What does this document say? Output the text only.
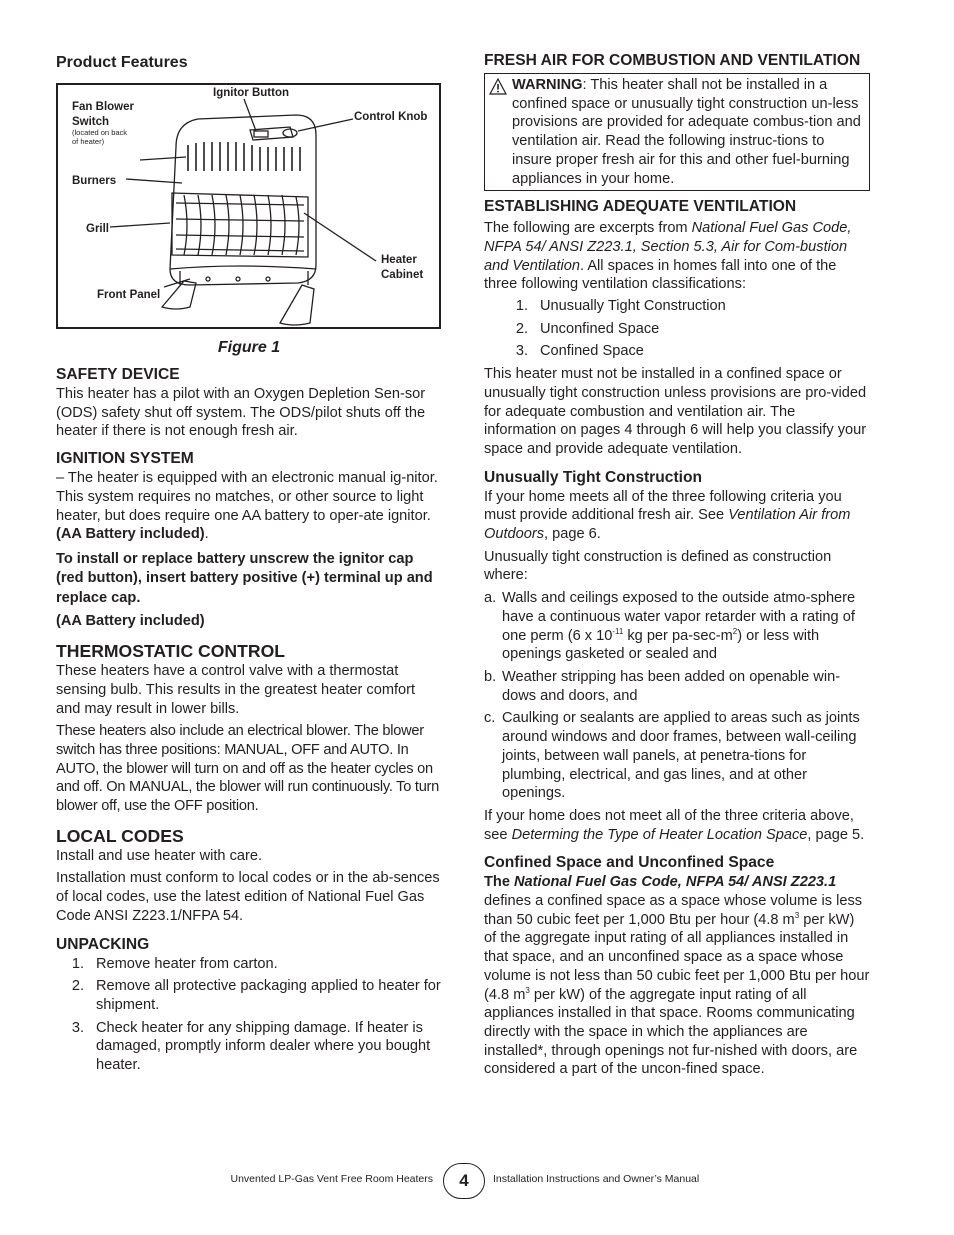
Product Features
Fan Blower
Switch
(located on back
of heater)
Ignitor Button
Control Knob
Burners
Grill
Heater
Cabinet
Front Panel
Figure 1
SAFETY DEVICE

This heater has a pilot with an Oxygen Depletion Sen-sor (ODS) safety shut off system. The ODS/pilot shuts off the heater if there is not enough fresh air.

IGNITION SYSTEM

– The heater is equipped with an electronic manual ig-nitor. This system requires no matches, or other source to light heater, but does require one AA battery to oper-ate ignitor. (AA Battery included).

To install or replace battery unscrew the ignitor cap (red button), insert battery positive (+) terminal up and replace cap.

(AA Battery included)

THERMOSTATIC CONTROL

These heaters have a control valve with a thermostat sensing bulb. This results in the greatest heater comfort and may result in lower bills.

These heaters also include an electrical blower. The blower switch has three positions: MANUAL, OFF and AUTO. In AUTO, the blower will turn on and off as the heater cycles on and off. On MANUAL, the blower will run continuously. To turn blower off, use the OFF position.

LOCAL CODES

Install and use heater with care.

Installation must conform to local codes or in the ab-sences of local codes, use the latest edition of National Fuel Gas Code ANSI Z223.1/NFPA 54.

UNPACKING
1. Remove heater from carton.
2. Remove all protective packaging applied to heater for shipment.
3. Check heater for any shipping damage. If heater is damaged, promptly inform dealer where you bought heater.
FRESH AIR FOR COMBUSTION AND VENTILATION

WARNING: This heater shall not be installed in a confined space or unusually tight construction un-less provisions are provided for adequate combus-tion and ventilation air. Read the following instruc-tions to insure proper fresh air for this and other fuel-burning appliances in your home.

ESTABLISHING ADEQUATE VENTILATION

The following are excerpts from National Fuel Gas Code, NFPA 54/ ANSI Z223.1, Section 5.3, Air for Com-bustion and Ventilation. All spaces in homes fall into one of the three following ventilation classifications:

1. Unusually Tight Construction
2. Unconfined Space
3. Confined Space

This heater must not be installed in a confined space or unusually tight construction unless provisions are pro-vided for adequate combustion and ventilation air. The information on pages 4 through 6 will help you classify your space and provide adequate ventilation.

Unusually Tight Construction

If your home meets all of the three following criteria you must provide additional fresh air. See Ventilation Air from Outdoors, page 6.

Unusually tight construction is defined as construction where:

a. Walls and ceilings exposed to the outside atmo-sphere have a continuous water vapor retarder with a rating of one perm (6 x $10^{-11}$ kg per $pa-\sec-m^2$) or less with openings gasketed or sealed and
b. Weather stripping has been added on openable win-dows and doors, and
c. Caulking or sealants are applied to areas such as joints around windows and door frames, between wall-ceiling joints, between wall panels, at penetra-tions for plumbing, electrical, and gas lines, and at other openings.

If your home does not meet all of the three criteria above, see Determing the Type of Heater Location Space, page 5.

Confined Space and Unconfined Space

The National Fuel Gas Code, NFPA 54/ ANSI Z223.1 defines a confined space as a space whose volume is less than 50 cubic feet per 1,000 Btu per hour (4.8 $m^3$ per kW) of the aggregate input rating of all appliances installed in that space, and an unconfined space as a space whose volume is not less than 50 cubic feet per 1,000 Btu per hour (4.8 $m^3$ per kW) of the aggregate input rating of all appliances installed in that space. Rooms communicating directly with the space in which the appliances are installed*, through openings not fur-nished with doors, are considered a part of the uncon-fined space.

Unvented LP-Gas Vent Free Room Heaters	4	Installation Instructions and Owner’s Manual
